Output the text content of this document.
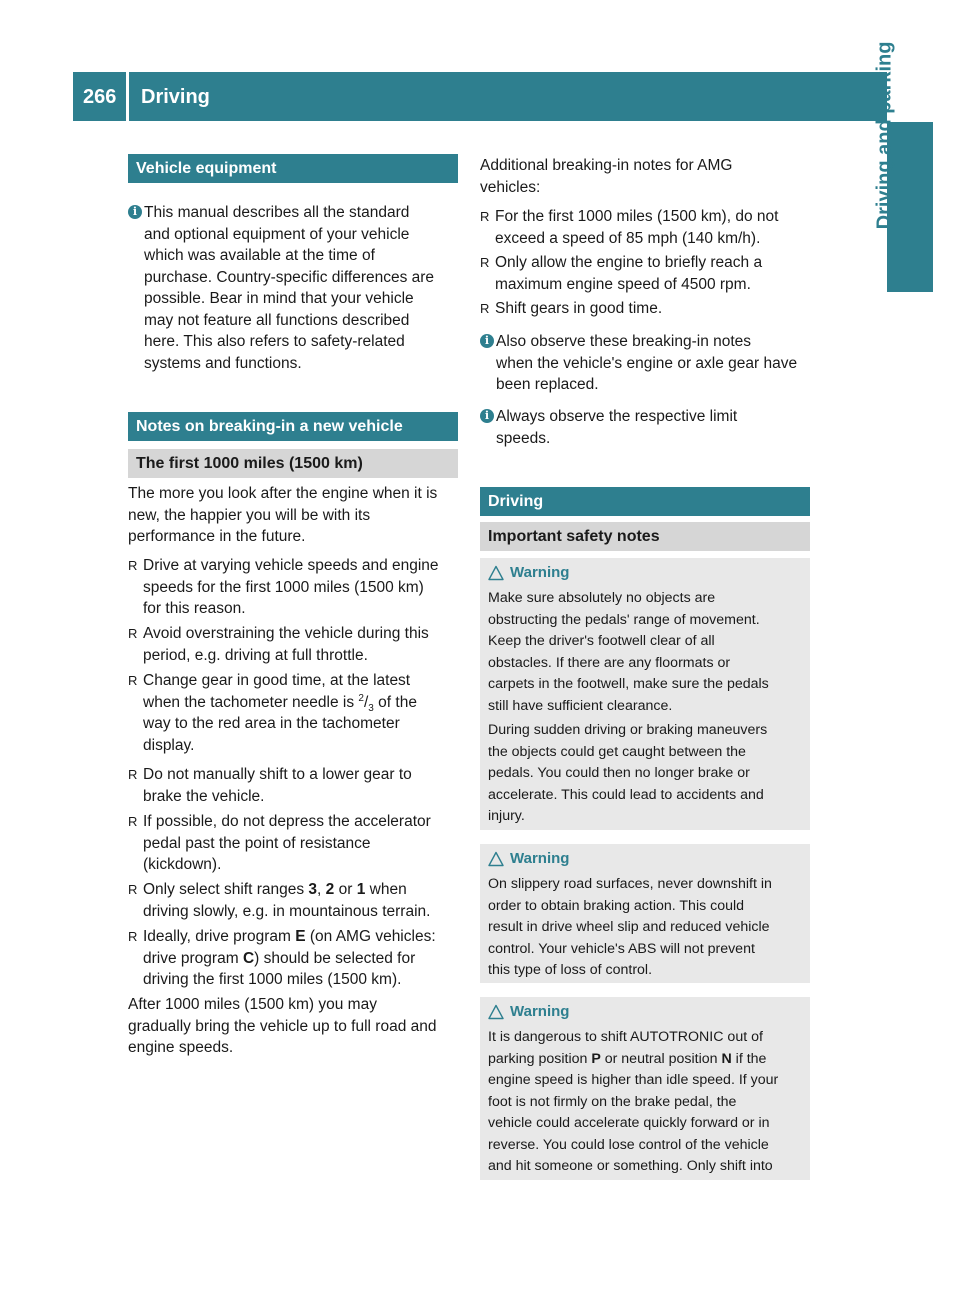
266 Driving	Driving and parking
Vehicle equipment
i This manual describes all the standard
and optional equipment of your vehicle
which was available at the time of
purchase. Country-specific differences are
possible. Bear in mind that your vehicle
may not feature all functions described
here. This also refers to safety-related
systems and functions.
Notes on breaking-in a new vehicle
The first 1000 miles (1500 km)
The more you look after the engine when it is
new, the happier you will be with its
performance in the future.
R Drive at varying vehicle speeds and engine
speeds for the first 1000 miles (1500 km)
for this reason.
R Avoid overstraining the vehicle during this
period, e.g. driving at full throttle.
R Change gear in good time, at the latest
when the tachometer needle is $^2/_3$ of the
way to the red area in the tachometer
display.
R Do not manually shift to a lower gear to
brake the vehicle.
R If possible, do not depress the accelerator
pedal past the point of resistance
(kickdown).
R Only select shift ranges 3, 2 or 1 when
driving slowly, e.g. in mountainous terrain.
R Ideally, drive program E (on AMG vehicles:
drive program C) should be selected for
driving the first 1000 miles (1500 km).
After 1000 miles (1500 km) you may
gradually bring the vehicle up to full road and
engine speeds.
Additional breaking-in notes for AMG
vehicles:
R For the first 1000 miles (1500 km), do not
exceed a speed of 85 mph (140 km/h).
R Only allow the engine to briefly reach a
maximum engine speed of 4500 rpm.
R Shift gears in good time.
i Also observe these breaking-in notes
when the vehicle's engine or axle gear have
been replaced.
i Always observe the respective limit
speeds.
Driving
Important safety notes
Warning

Make sure absolutely no objects are
obstructing the pedals' range of movement.
Keep the driver's footwell clear of all
obstacles. If there are any floormats or
carpets in the footwell, make sure the pedals
still have sufficient clearance.

During sudden driving or braking maneuvers
the objects could get caught between the
pedals. You could then no longer brake or
accelerate. This could lead to accidents and
injury.

Warning

On slippery road surfaces, never downshift in
order to obtain braking action. This could
result in drive wheel slip and reduced vehicle
control. Your vehicle's ABS will not prevent
this type of loss of control.

Warning

It is dangerous to shift AUTOTRONIC out of
parking position P or neutral position N if the
engine speed is higher than idle speed. If your
foot is not firmly on the brake pedal, the
vehicle could accelerate quickly forward or in
reverse. You could lose control of the vehicle
and hit someone or something. Only shift into
